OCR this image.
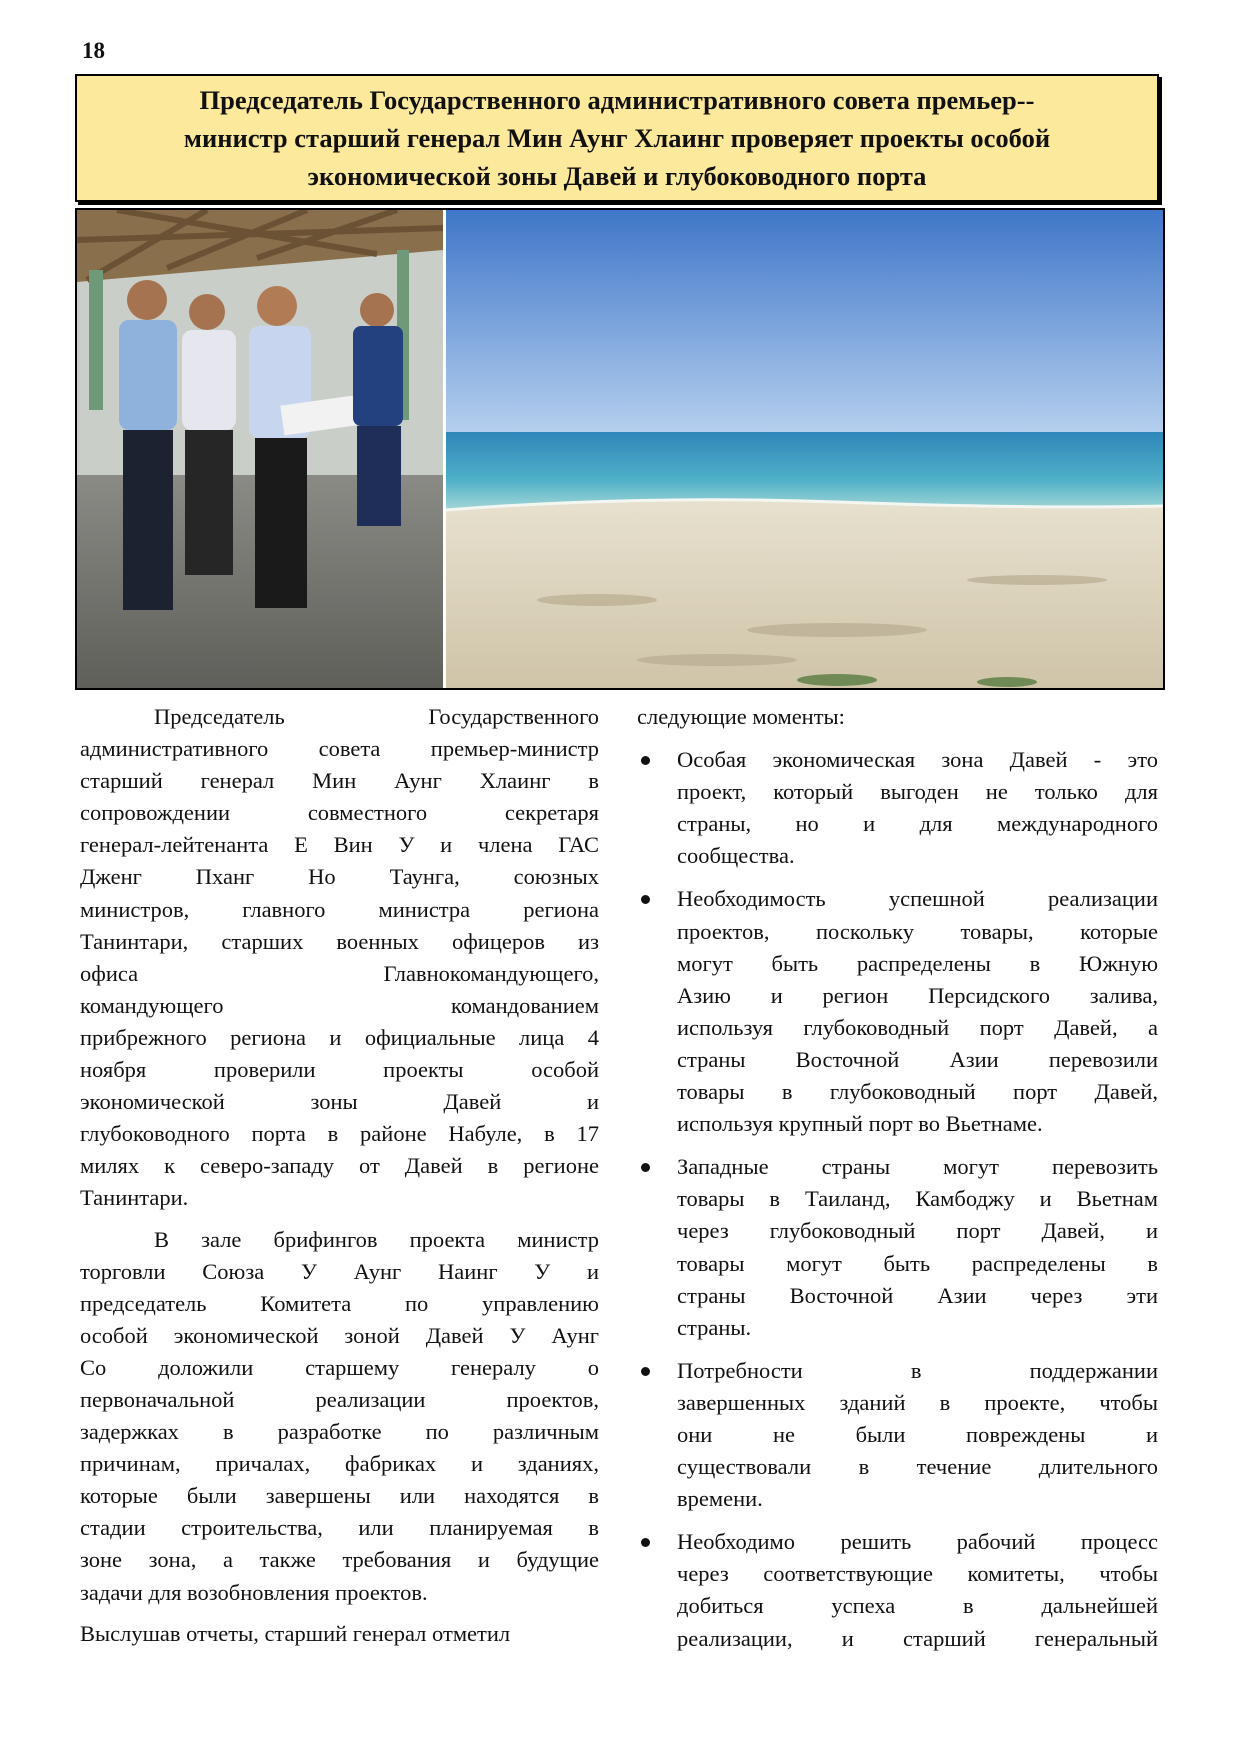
18
Председатель Государственного административного совета премьер--
министр старший генерал Мин Аунг Хлаинг проверяет проекты особой
экономической зоны Давей и глубоководного порта
Председатель Государственного
административного совета премьер-министр
старший генерал Мин Аунг Хлаинг в
сопровождении совместного секретаря
генерал-лейтенанта Е Вин У и члена ГАС
Дженг Пханг Но Таунга, союзных
министров, главного министра региона
Танинтари, старших военных офицеров из
офиса Главнокомандующего,
командующего командованием
прибрежного региона и официальные лица 4
ноября проверили проекты особой
экономической зоны Давей и
глубоководного порта в районе Набуле, в 17
милях к северо-западу от Давей в регионе
Танинтари.
В зале брифингов проекта министр
торговли Союза У Аунг Наинг У и
председатель Комитета по управлению
особой экономической зоной Давей У Аунг
Со доложили старшему генералу о
первоначальной реализации проектов,
задержках в разработке по различным
причинам, причалах, фабриках и зданиях,
которые были завершены или находятся в
стадии строительства, или планируемая в
зоне зона, а также требования и будущие
задачи для возобновления проектов.
Выслушав отчеты, старший генерал отметил
следующие моменты:
Особая экономическая зона Давей - это
проект, который выгоден не только для
страны, но и для международного
сообщества.
Необходимость успешной реализации
проектов, поскольку товары, которые
могут быть распределены в Южную
Азию и регион Персидского залива,
используя глубоководный порт Давей, а
страны Восточной Азии перевозили
товары в глубоководный порт Давей,
используя крупный порт во Вьетнаме.
Западные страны могут перевозить
товары в Таиланд, Камбоджу и Вьетнам
через глубоководный порт Давей, и
товары могут быть распределены в
страны Восточной Азии через эти
страны.
Потребности в поддержании
завершенных зданий в проекте, чтобы
они не были повреждены и
существовали в течение длительного
времени.
Необходимо решить рабочий процесс
через соответствующие комитеты, чтобы
добиться успеха в дальнейшей
реализации, и старший генеральный
